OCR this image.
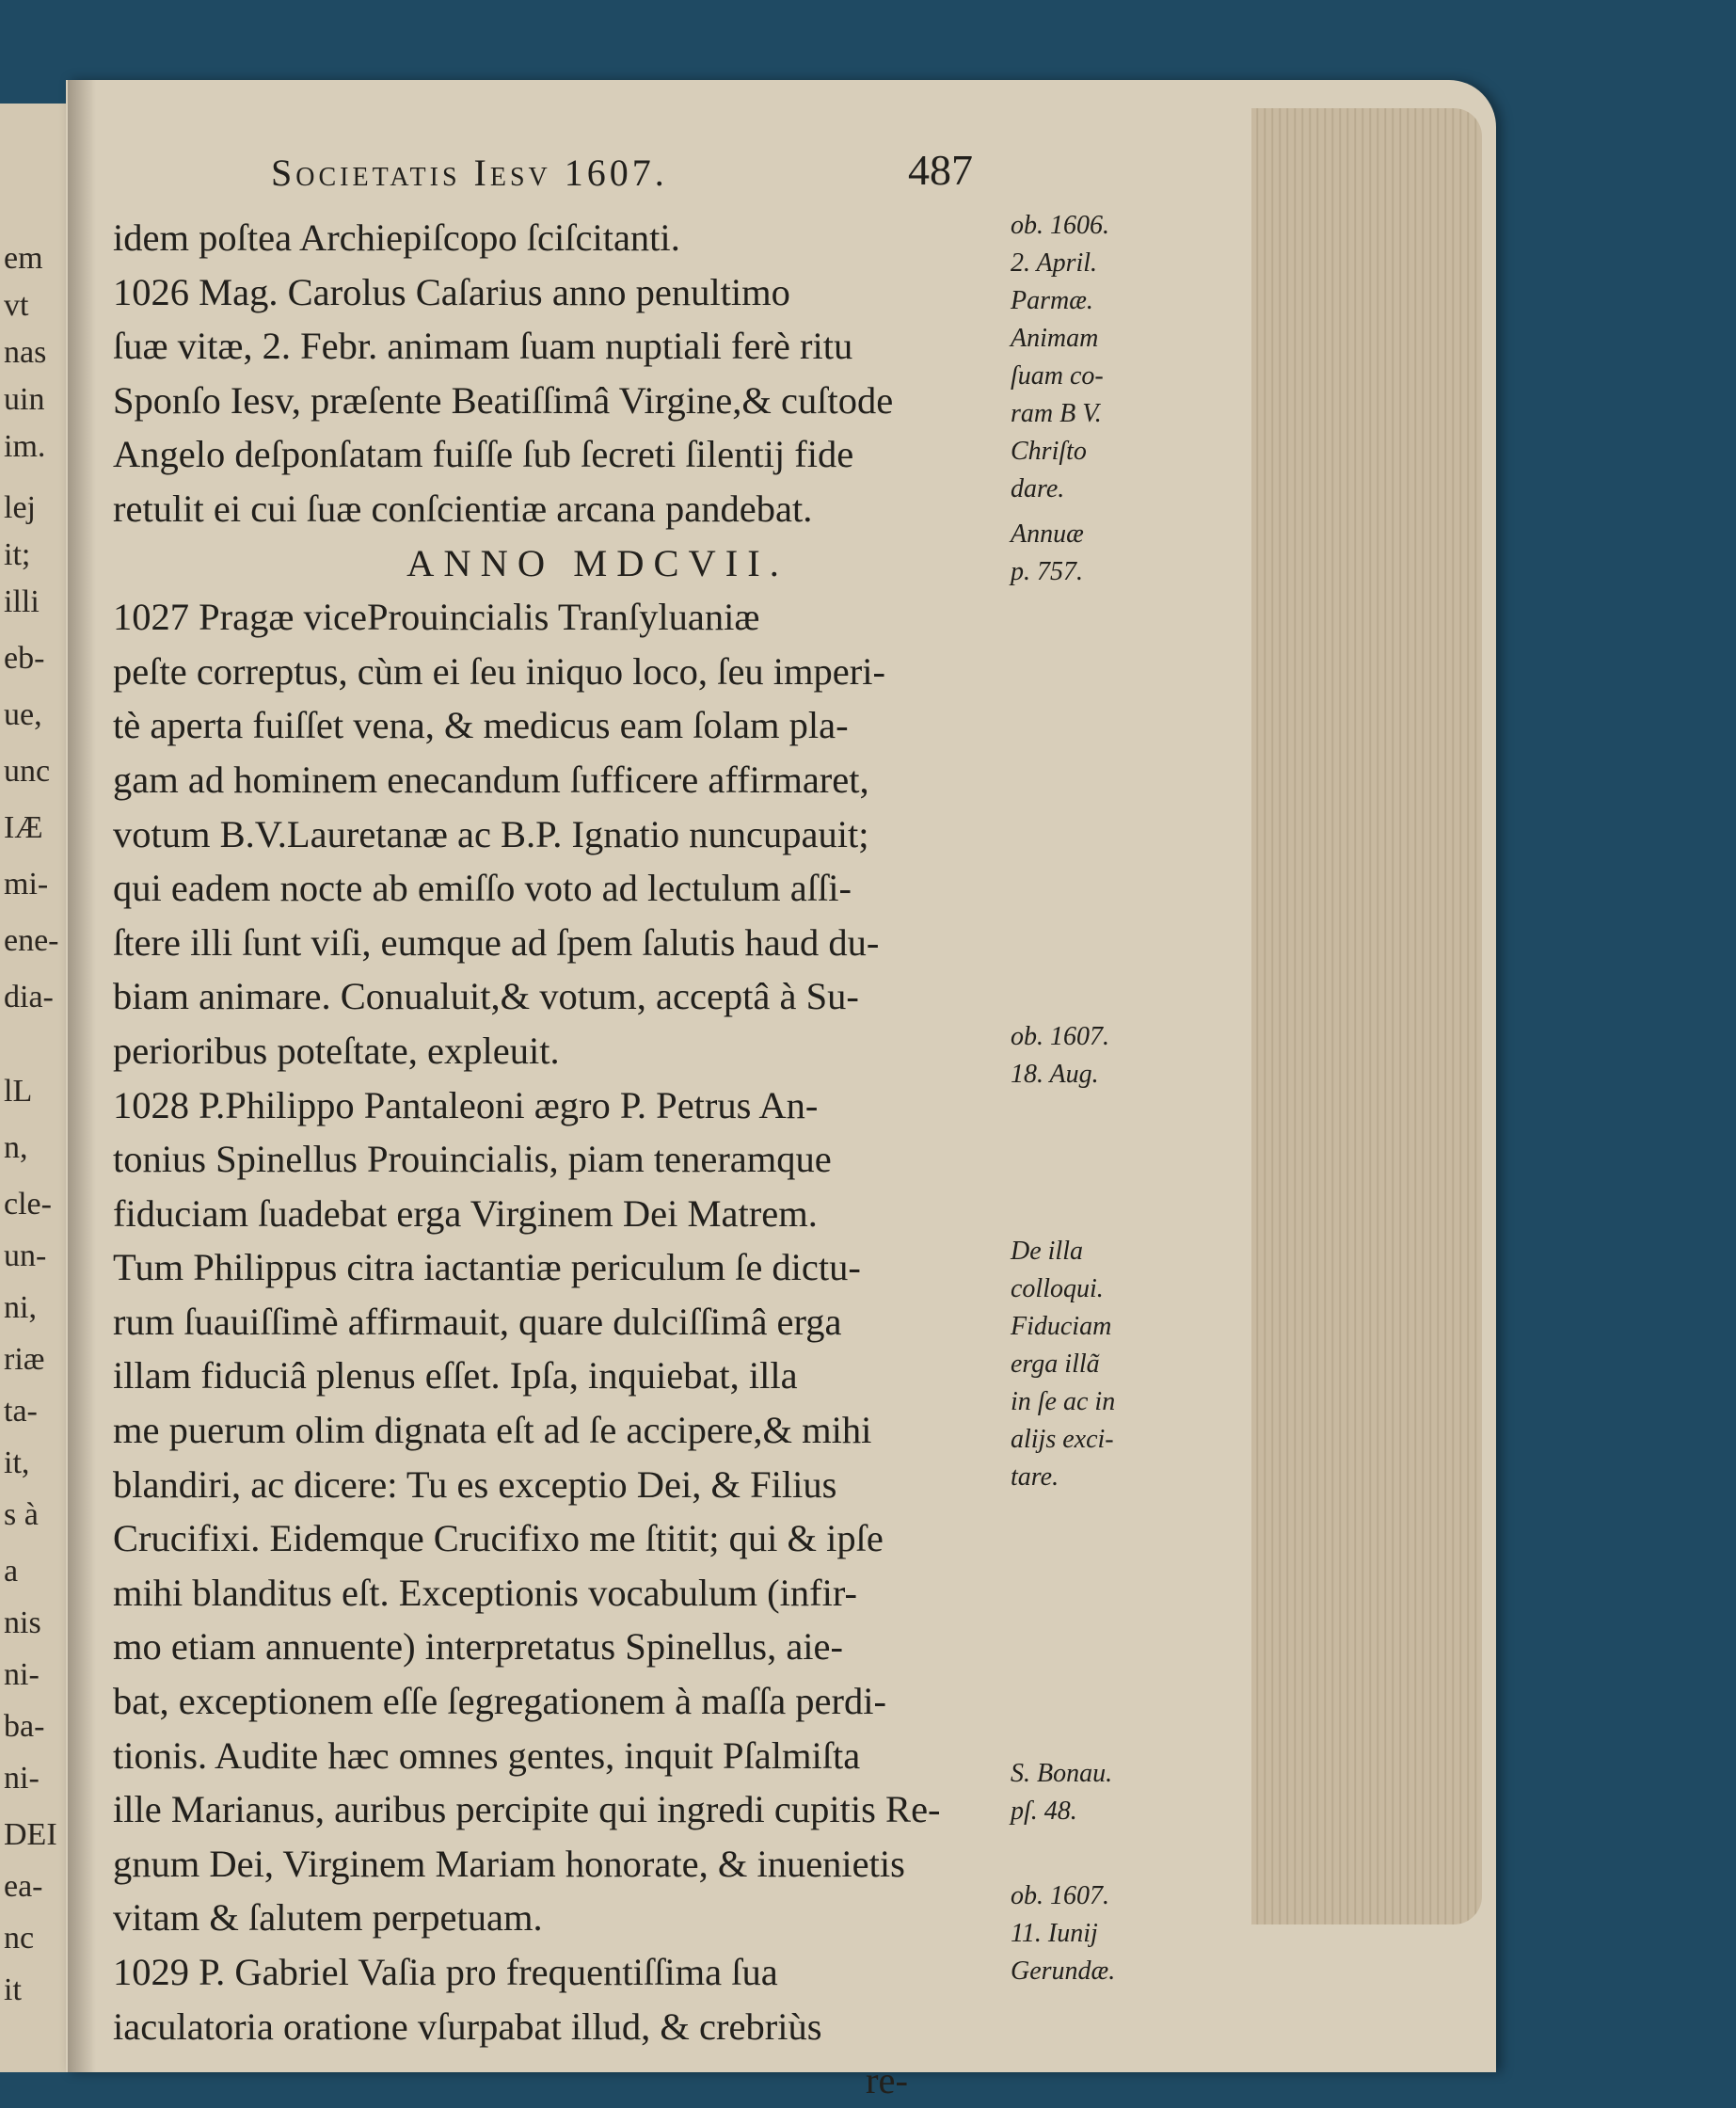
em
vt
nas
uin
im.
lej
it;
illi
eb-
ue,
unc
IÆ
mi-
ene-
dia-
lL
n,
cle-
un-
ni,
riæ
ta-
it,
s à
a
nis
ni-
ba-
ni-
DEI
ea-
nc
it
Societatis Iesv 1607.	487
idem poſtea Archiepiſcopo ſciſcitanti.
1026 Mag. Carolus Caſarius anno penultimo
ſuæ vitæ, 2. Febr. animam ſuam nuptiali ferè ritu
Sponſo Iesv, præſente Beatiſſimâ Virgine,& cuſtode
Angelo deſponſatam fuiſſe ſub ſecreti ſilentij fide
retulit ei cui ſuæ conſcientiæ arcana pandebat.
ANNO MDCVII.
1027 Pragæ viceProuincialis Tranſyluaniæ
peſte correptus, cùm ei ſeu iniquo loco, ſeu imperi-
tè aperta fuiſſet vena, & medicus eam ſolam pla-
gam ad hominem enecandum ſufficere affirmaret,
votum B.V.Lauretanæ ac B.P. Ignatio nuncupauit;
qui eadem nocte ab emiſſo voto ad lectulum aſſi-
ſtere illi ſunt viſi, eumque ad ſpem ſalutis haud du-
biam animare. Conualuit,& votum, acceptâ à Su-
perioribus poteſtate, expleuit.
1028 P.Philippo Pantaleoni ægro P. Petrus An-
tonius Spinellus Prouincialis, piam teneramque
fiduciam ſuadebat erga Virginem Dei Matrem.
Tum Philippus citra iactantiæ periculum ſe dictu-
rum ſuauiſſimè affirmauit, quare dulciſſimâ erga
illam fiduciâ plenus eſſet. Ipſa, inquiebat, illa
me puerum olim dignata eſt ad ſe accipere,& mihi
blandiri, ac dicere: Tu es exceptio Dei, & Filius
Crucifixi. Eidemque Crucifixo me ſtitit; qui & ipſe
mihi blanditus eſt. Exceptionis vocabulum (infir-
mo etiam annuente) interpretatus Spinellus, aie-
bat, exceptionem eſſe ſegregationem à maſſa perdi-
tionis. Audite hæc omnes gentes, inquit Pſalmiſta
ille Marianus, auribus percipite qui ingredi cupitis Re-
gnum Dei, Virginem Mariam honorate, & inuenietis
vitam & ſalutem perpetuam.
1029 P. Gabriel Vaſia pro frequentiſſima ſua
iaculatoria oratione vſurpabat illud, & crebriùs
re-
ob. 1606.
2. April.
Parmæ.
Animam
ſuam co-
ram B V.
Chriſto
dare.
Annuæ
p. 757.
ob. 1607.
18. Aug.
De illa
colloqui.
Fiduciam
erga illã
in ſe ac in
alijs exci-
tare.
S. Bonau.
pſ. 48.
ob. 1607.
11. Iunij
Gerundæ.
